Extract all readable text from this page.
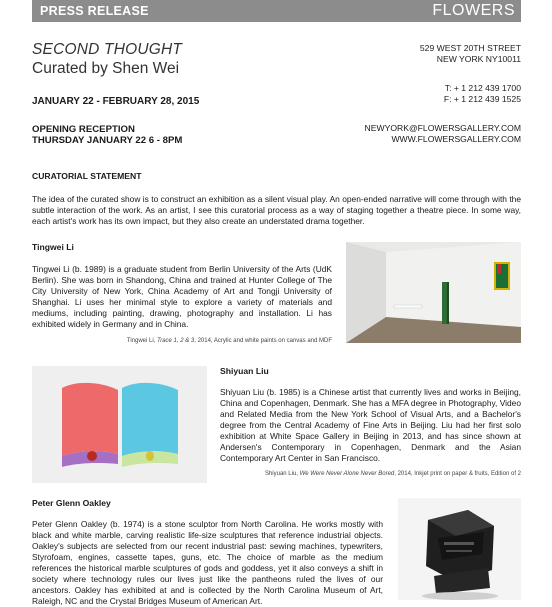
PRESS RELEASE	FLOWERS
SECOND THOUGHT
Curated by Shen Wei
529 WEST 20TH STREET
NEW YORK NY10011
T: + 1 212 439 1700
F: + 1 212 439 1525
JANUARY 22 - FEBRUARY 28, 2015
OPENING RECEPTION
THURSDAY JANUARY 22 6 - 8PM
NEWYORK@FLOWERSGALLERY.COM
WWW.FLOWERSGALLERY.COM
CURATORIAL STATEMENT
The idea of the curated show is to construct an exhibition as a silent visual play. An open-ended narrative will come through with the subtle interaction of the work. As an artist, I see this curatorial process as a way of staging together a theatre piece. In some way, each artist's work has its own impact, but they also create an understated drama together.
Tingwei Li
Tingwei Li (b. 1989) is a graduate student from Berlin University of the Arts (UdK Berlin). She was born in Shandong, China and trained at Hunter College of The City University of New York, China Academy of Art and Tongji University of Shanghai. Li uses her minimal style to explore a variety of materials and mediums, including painting, drawing, photography and installation. Li has exhibited widely in Germany and in China.
Tingwei Li, Trace 1, 2 & 3, 2014, Acrylic and white paints on canvas and MDF
Shiyuan Liu
Shiyuan Liu (b. 1985) is a Chinese artist that currently lives and works in Beijing, China and Copenhagen, Denmark. She has a MFA degree in Photography, Video and Related Media from the New York School of Visual Arts, and a Bachelor's degree from the Central Academy of Fine Arts in Beijing. Liu had her first solo exhibition at White Space Gallery in Beijing in 2013, and has since shown at Andersen's Contemporary in Copenhagen, Denmark and the Asian Contemporary Art Center in San Francisco.
Shiyuan Liu, We Were Never Alone Never Bored, 2014, Inkjet print on paper & fruits, Edition of 2
Peter Glenn Oakley
Peter Glenn Oakley (b. 1974) is a stone sculptor from North Carolina. He works mostly with black and white marble, carving realistic life-size sculptures that reference industrial objects. Oakley's subjects are selected from our recent industrial past: sewing machines, typewriters, Styrofoam, engines, cassette tapes, guns, etc. The choice of marble as the medium references the historical marble sculptures of gods and goddess, yet it also conveys a shift in society where technology rules our lives just like the pantheons ruled the lives of our ancestors. Oakley has exhibited at and is collected by the North Carolina Museum of Art, Raleigh, NC and the Crystal Bridges Museum of American Art.
